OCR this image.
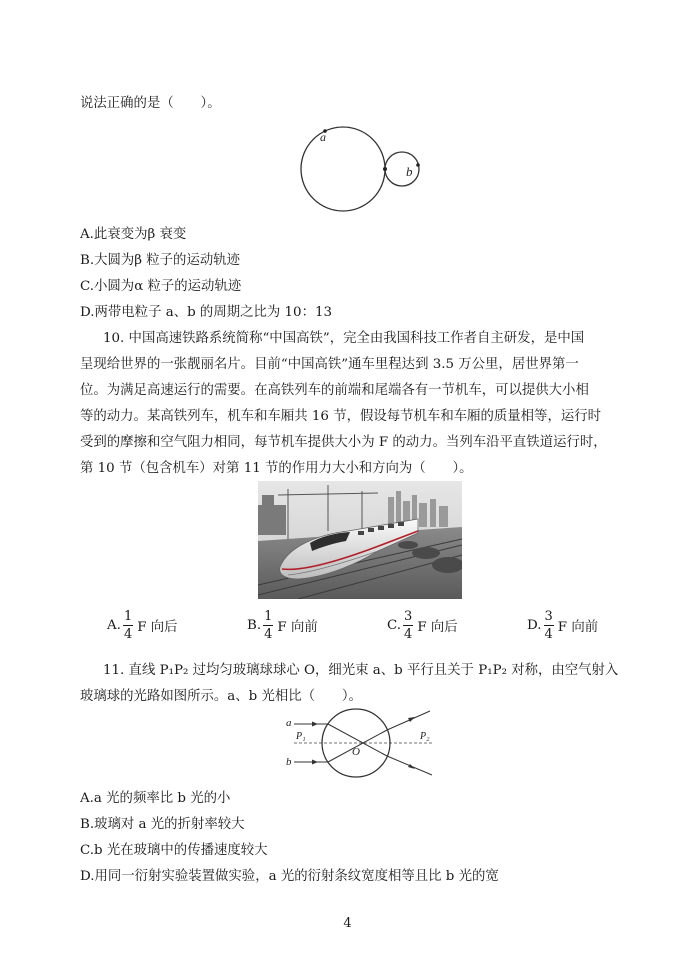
说法正确的是（　　）。
a
b
A.此衰变为β 衰变
B.大圆为β 粒子的运动轨迹
C.小圆为α 粒子的运动轨迹
D.两带电粒子 a、b 的周期之比为 10：13
10. 中国高速铁路系统简称“中国高铁”，完全由我国科技工作者自主研发，是中国
呈现给世界的一张靓丽名片。目前“中国高铁”通车里程达到 3.5 万公里，居世界第一
位。为满足高速运行的需要。在高铁列车的前端和尾端各有一节机车，可以提供大小相
等的动力。某高铁列车，机车和车厢共 16 节，假设每节机车和车厢的质量相等，运行时
受到的摩擦和空气阻力相同，每节机车提供大小为 F 的动力。当列车沿平直铁道运行时，
第 10 节（包含机车）对第 11 节的作用力大小和方向为（　　）。
A. $\frac{1}{4}$ F 向后	B. $\frac{1}{4}$ F 向前	C. $\frac{3}{4}$ F 向后	D. $\frac{3}{4}$ F 向前
11. 直线 P₁P₂ 过均匀玻璃球球心 O，细光束 a、b 平行且关于 P₁P₂ 对称，由空气射入
玻璃球的光路如图所示。a、b 光相比（　　）。
a
b
P₁	P₂
O
A.a 光的频率比 b 光的小
B.玻璃对 a 光的折射率较大
C.b 光在玻璃中的传播速度较大
D.用同一衍射实验装置做实验，a 光的衍射条纹宽度相等且比 b 光的宽
4
